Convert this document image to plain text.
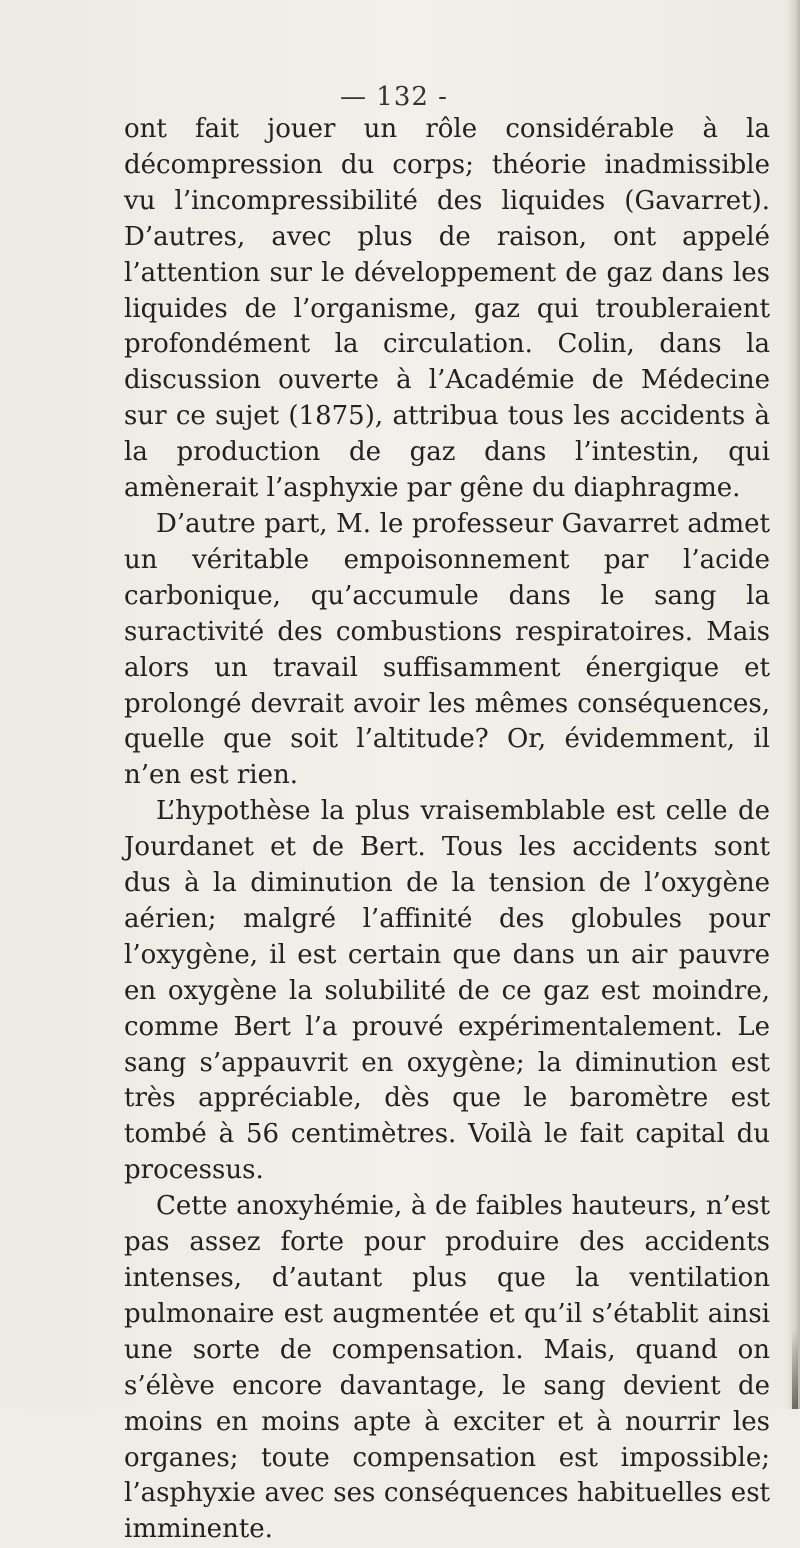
— 132 -

ont fait jouer un rôle considérable à la décompression du corps; théorie inadmissible vu l’incompressibilité des liquides (Gavarret). D’autres, avec plus de raison, ont appelé l’attention sur le développement de gaz dans les liquides de l’organisme, gaz qui troubleraient profondément la circulation. Colin, dans la discussion ouverte à l’Académie de Médecine sur ce sujet (1875), attribua tous les accidents à la production de gaz dans l’intestin, qui amènerait l’asphyxie par gêne du diaphragme.

D’autre part, M. le professeur Gavarret admet un véritable empoisonnement par l’acide carbonique, qu’accumule dans le sang la suractivité des combustions respiratoires. Mais alors un travail suffisamment énergique et prolongé devrait avoir les mêmes conséquences, quelle que soit l’altitude? Or, évidemment, il n’en est rien.

L’hypothèse la plus vraisemblable est celle de Jourdanet et de Bert. Tous les accidents sont dus à la diminution de la tension de l’oxygène aérien; malgré l’affinité des globules pour l’oxygène, il est certain que dans un air pauvre en oxygène la solubilité de ce gaz est moindre, comme Bert l’a prouvé expérimentalement. Le sang s’appauvrit en oxygène; la diminution est très appréciable, dès que le baromètre est tombé à 56 centimètres. Voilà le fait capital du processus.

Cette anoxyhémie, à de faibles hauteurs, n’est pas assez forte pour produire des accidents intenses, d’autant plus que la ventilation pulmonaire est augmentée et qu’il s’établit ainsi une sorte de compensation. Mais, quand on s’élève encore davantage, le sang devient de moins en moins apte à exciter et à nourrir les organes; toute compensation est impossible; l’asphyxie avec ses conséquences habituelles est imminente.
